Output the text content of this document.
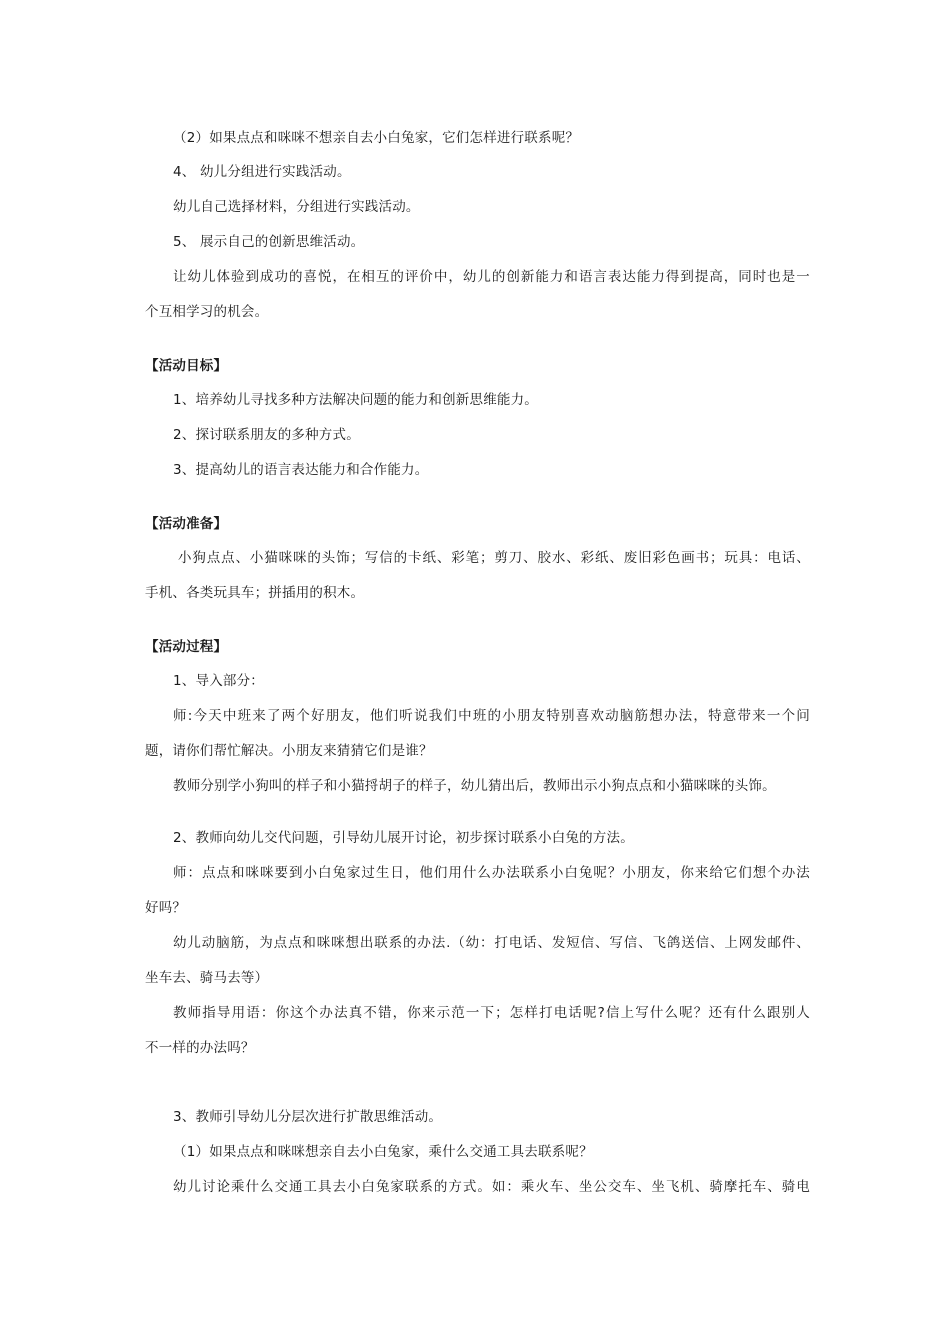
（2）如果点点和咪咪不想亲自去小白兔家，它们怎样进行联系呢？
4、 幼儿分组进行实践活动。
幼儿自己选择材料，分组进行实践活动。
5、 展示自己的创新思维活动。
让幼儿体验到成功的喜悦，在相互的评价中，幼儿的创新能力和语言表达能力得到提高，同时也是一
个互相学习的机会。
【活动目标】
1、培养幼儿寻找多种方法解决问题的能力和创新思维能力。
2、探讨联系朋友的多种方式。
3、提高幼儿的语言表达能力和合作能力。
【活动准备】
小狗点点、小猫咪咪的头饰；写信的卡纸、彩笔；剪刀、胶水、彩纸、废旧彩色画书；玩具：电话、
手机、各类玩具车；拼插用的积木。
【活动过程】
1、导入部分：
师:今天中班来了两个好朋友，他们听说我们中班的小朋友特别喜欢动脑筋想办法，特意带来一个问
题，请你们帮忙解决。小朋友来猜猜它们是谁？
教师分别学小狗叫的样子和小猫捋胡子的样子，幼儿猜出后，教师出示小狗点点和小猫咪咪的头饰。
2、教师向幼儿交代问题，引导幼儿展开讨论，初步探讨联系小白兔的方法。
师：点点和咪咪要到小白兔家过生日，他们用什么办法联系小白兔呢？小朋友，你来给它们想个办法
好吗？
幼儿动脑筋，为点点和咪咪想出联系的办法.（幼：打电话、发短信、写信、飞鸽送信、上网发邮件、
坐车去、骑马去等）
教师指导用语：你这个办法真不错，你来示范一下；怎样打电话呢?信上写什么呢？还有什么跟别人
不一样的办法吗？
3、教师引导幼儿分层次进行扩散思维活动。
（1）如果点点和咪咪想亲自去小白兔家，乘什么交通工具去联系呢？
幼儿讨论乘什么交通工具去小白兔家联系的方式。如：乘火车、坐公交车、坐飞机、骑摩托车、骑电
